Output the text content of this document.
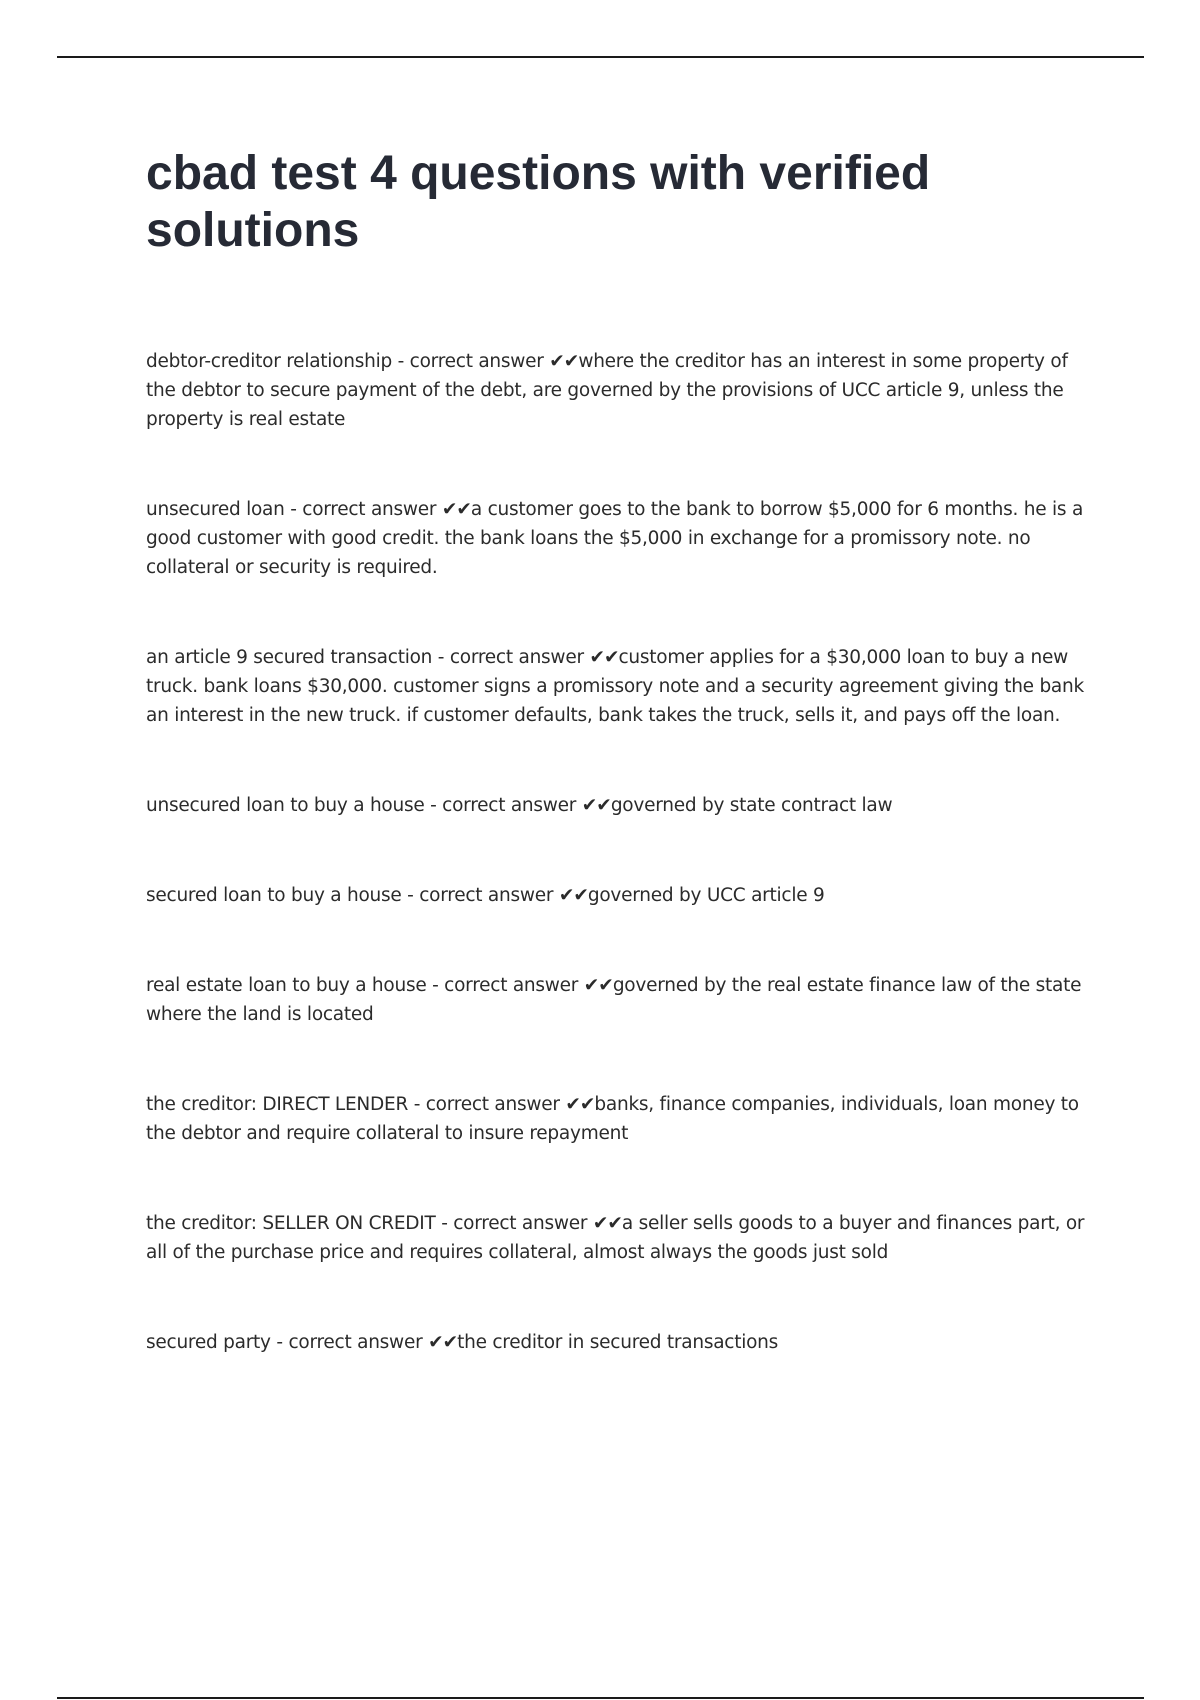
cbad test 4 questions with verified solutions
debtor-creditor relationship - correct answer ✔✔where the creditor has an interest in some property of the debtor to secure payment of the debt, are governed by the provisions of UCC article 9, unless the property is real estate
unsecured loan - correct answer ✔✔a customer goes to the bank to borrow $5,000 for 6 months. he is a good customer with good credit. the bank loans the $5,000 in exchange for a promissory note. no collateral or security is required.
an article 9 secured transaction - correct answer ✔✔customer applies for a $30,000 loan to buy a new truck. bank loans $30,000. customer signs a promissory note and a security agreement giving the bank an interest in the new truck. if customer defaults, bank takes the truck, sells it, and pays off the loan.
unsecured loan to buy a house - correct answer ✔✔governed by state contract law
secured loan to buy a house - correct answer ✔✔governed by UCC article 9
real estate loan to buy a house - correct answer ✔✔governed by the real estate finance law of the state where the land is located
the creditor: DIRECT LENDER - correct answer ✔✔banks, finance companies, individuals, loan money to the debtor and require collateral to insure repayment
the creditor: SELLER ON CREDIT - correct answer ✔✔a seller sells goods to a buyer and finances part, or all of the purchase price and requires collateral, almost always the goods just sold
secured party - correct answer ✔✔the creditor in secured transactions
